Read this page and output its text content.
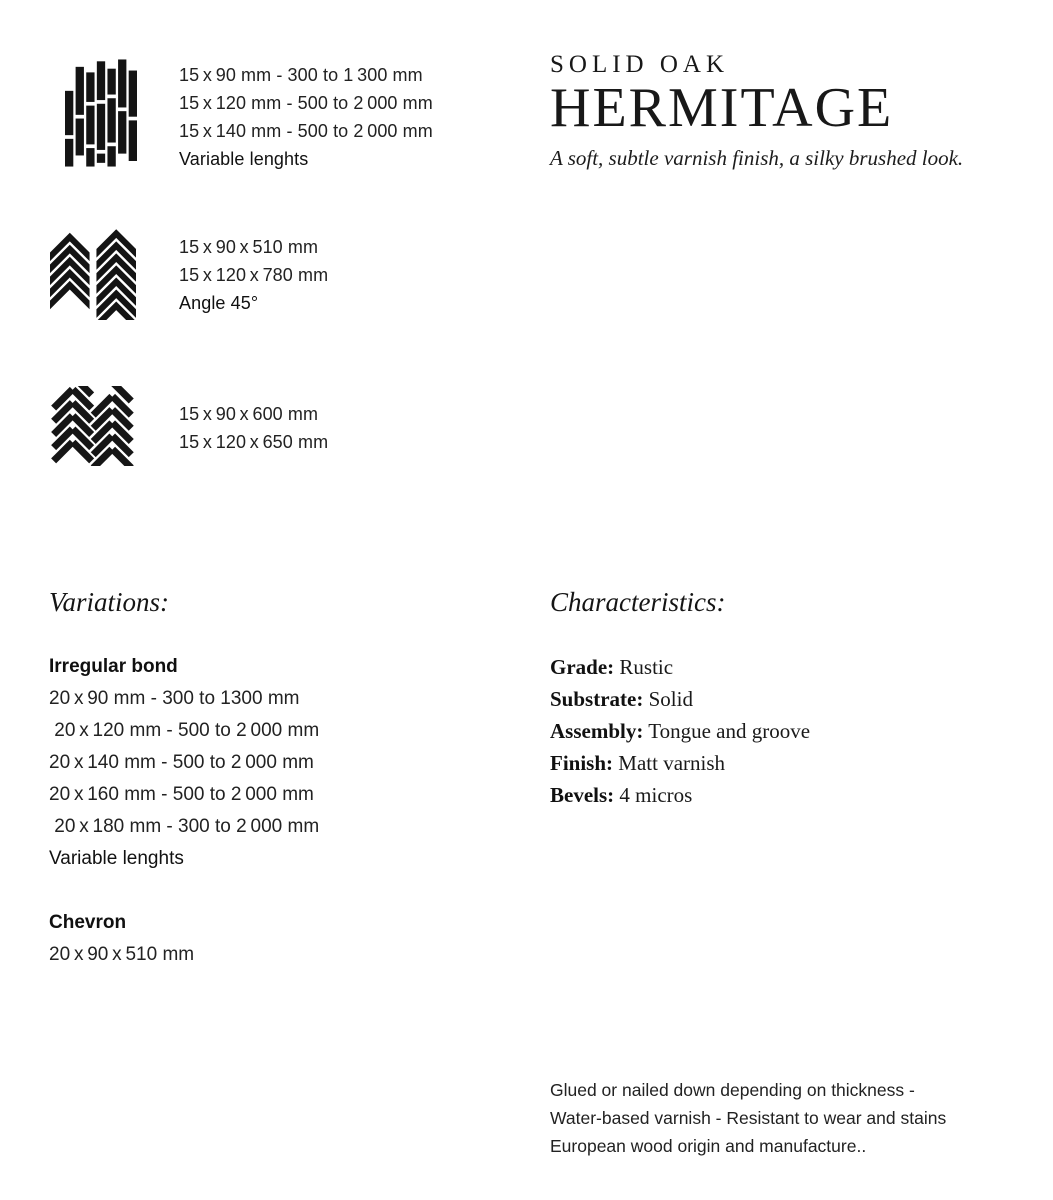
15 x 90 mm - 300 to 1 300 mm
15 x 120 mm - 500 to 2 000 mm
15 x 140 mm - 500 to 2 000 mm
Variable lenghts
15 x 90 x 510 mm
15 x 120 x 780 mm
Angle 45°
15 x 90 x 600 mm
15 x 120 x 650 mm
SOLID OAK
HERMITAGE
A soft, subtle varnish finish, a silky brushed look.
Variations:
Irregular bond
20 x 90 mm - 300 to 1300 mm
20 x 120 mm - 500 to 2 000 mm
20 x 140 mm - 500 to 2 000 mm
20 x 160 mm - 500 to 2 000 mm
20 x 180 mm - 300 to 2 000 mm
Variable lenghts
Chevron
20 x 90 x 510 mm
Characteristics:
Grade: Rustic
Substrate: Solid
Assembly: Tongue and groove
Finish: Matt varnish
Bevels: 4 micros
Glued or nailed down depending on thickness -
Water-based varnish - Resistant to wear and stains
European wood origin and manufacture..
